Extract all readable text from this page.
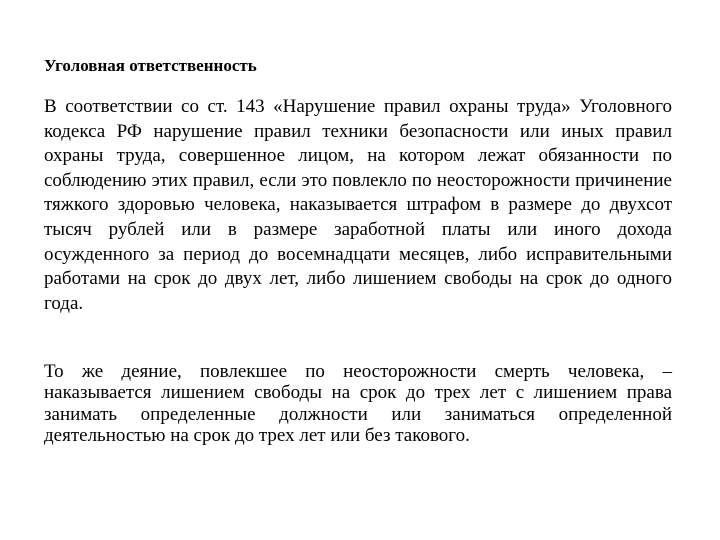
Уголовная ответственность

В соответствии со ст. 143 «Нарушение правил охраны труда» Уголовного кодекса РФ нарушение правил техники безопасности или иных правил охраны труда, совершенное лицом, на котором лежат обязанности по соблюдению этих правил, если это повлекло по неосторожности причинение тяжкого здоровью человека, наказывается штрафом в размере до двухсот тысяч рублей или в размере заработной платы или иного дохода осужденного за период до восемнадцати месяцев, либо исправительными работами на срок до двух лет, либо лишением свободы на срок до одного года.

То же деяние, повлекшее по неосторожности смерть человека, – наказывается лишением свободы на срок до трех лет с лишением права занимать определенные должности или заниматься определенной деятельностью на срок до трех лет или без такового.
